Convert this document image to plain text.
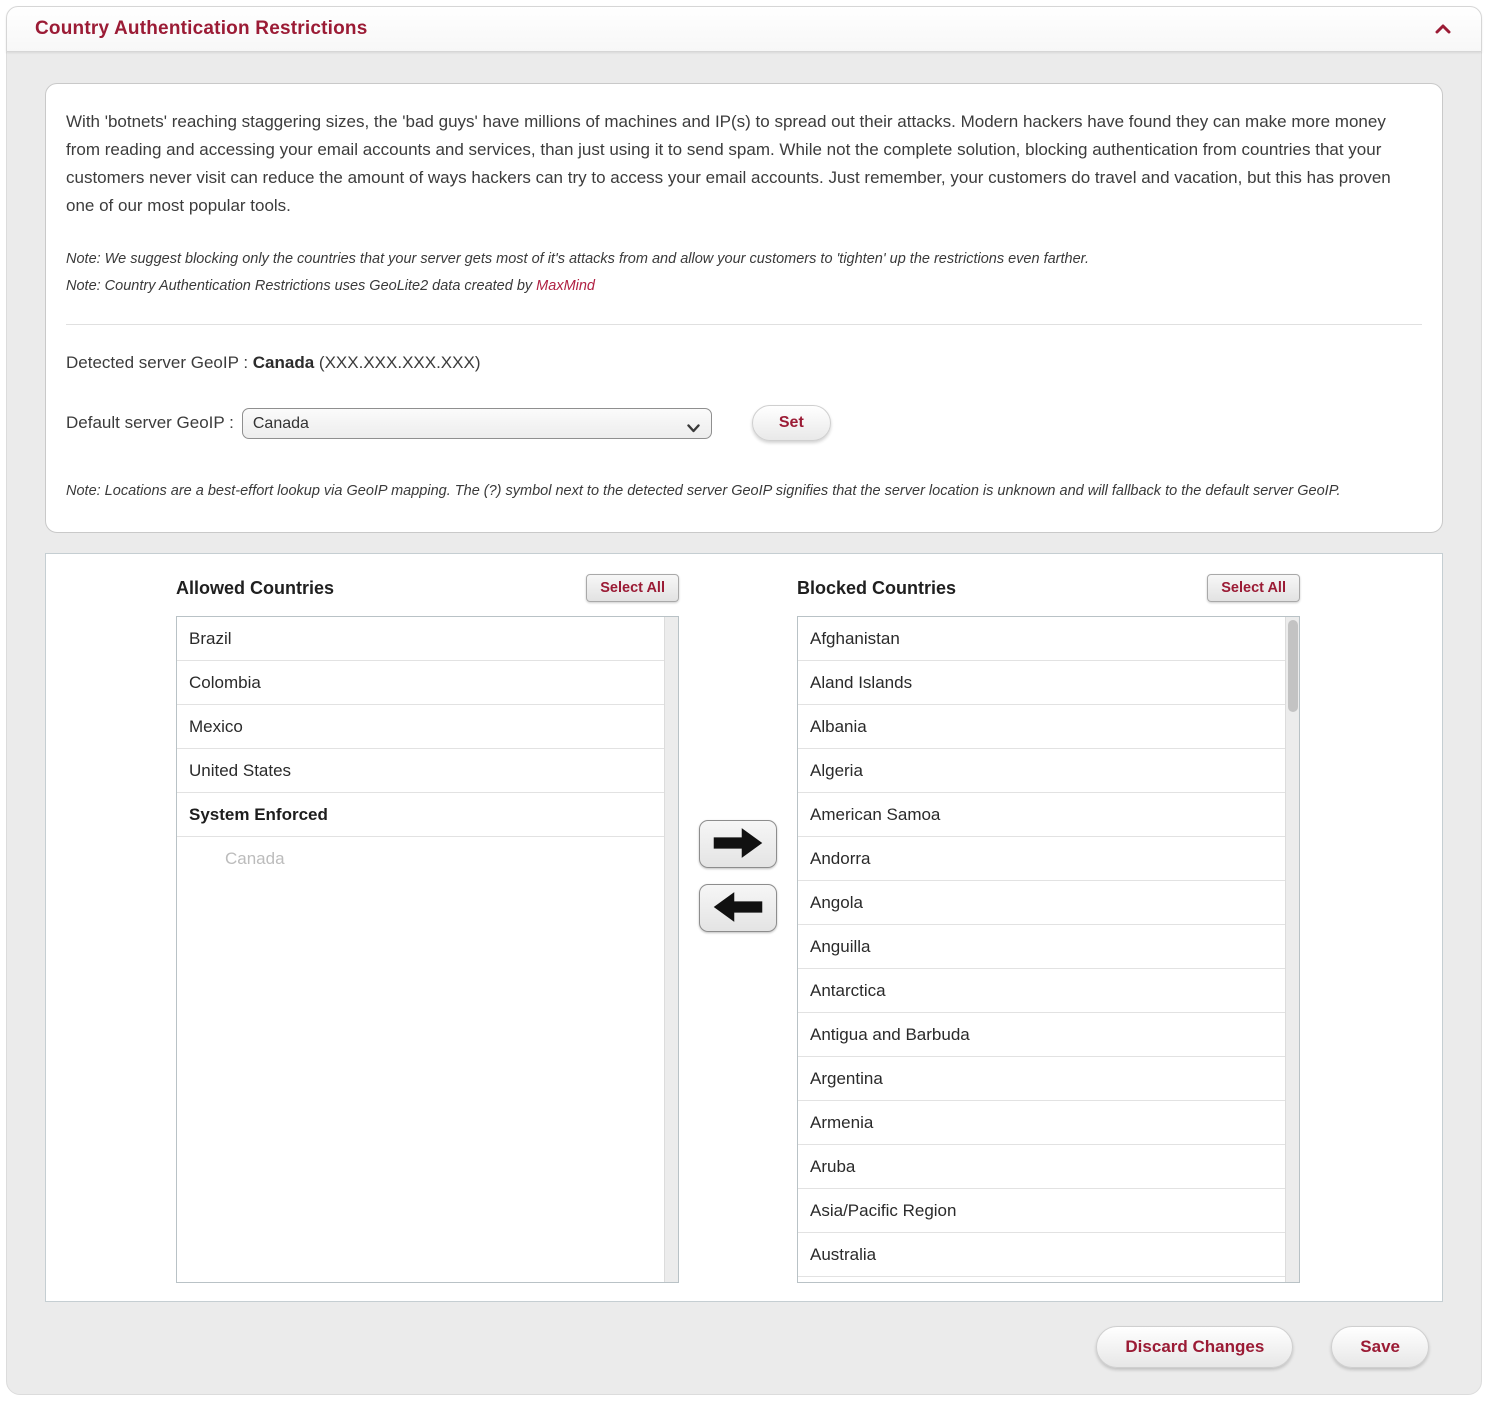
Country Authentication Restrictions

With 'botnets' reaching staggering sizes, the 'bad guys' have millions of machines and IP(s) to spread out their attacks. Modern hackers have found they can make more money from reading and accessing your email accounts and services, than just using it to send spam. While not the complete solution, blocking authentication from countries that your customers never visit can reduce the amount of ways hackers can try to access your email accounts. Just remember, your customers do travel and vacation, but this has proven one of our most popular tools.

Note: We suggest blocking only the countries that your server gets most of it's attacks from and allow your customers to 'tighten' up the restrictions even farther.
Note: Country Authentication Restrictions uses GeoLite2 data created by MaxMind
Detected server GeoIP : Canada (XXX.XXX.XXX.XXX)
Default server GeoIP :
Canada	Set
Note: Locations are a best-effort lookup via GeoIP mapping. The (?) symbol next to the detected server GeoIP signifies that the server location is unknown and will fallback to the default server GeoIP.
Allowed Countries	Select All
Brazil
Colombia
Mexico
United States
System Enforced
Canada
Blocked Countries	Select All
Afghanistan
Aland Islands
Albania
Algeria
American Samoa
Andorra
Angola
Anguilla
Antarctica
Antigua and Barbuda
Argentina
Armenia
Aruba
Asia/Pacific Region
Australia
Discard Changes	Save
